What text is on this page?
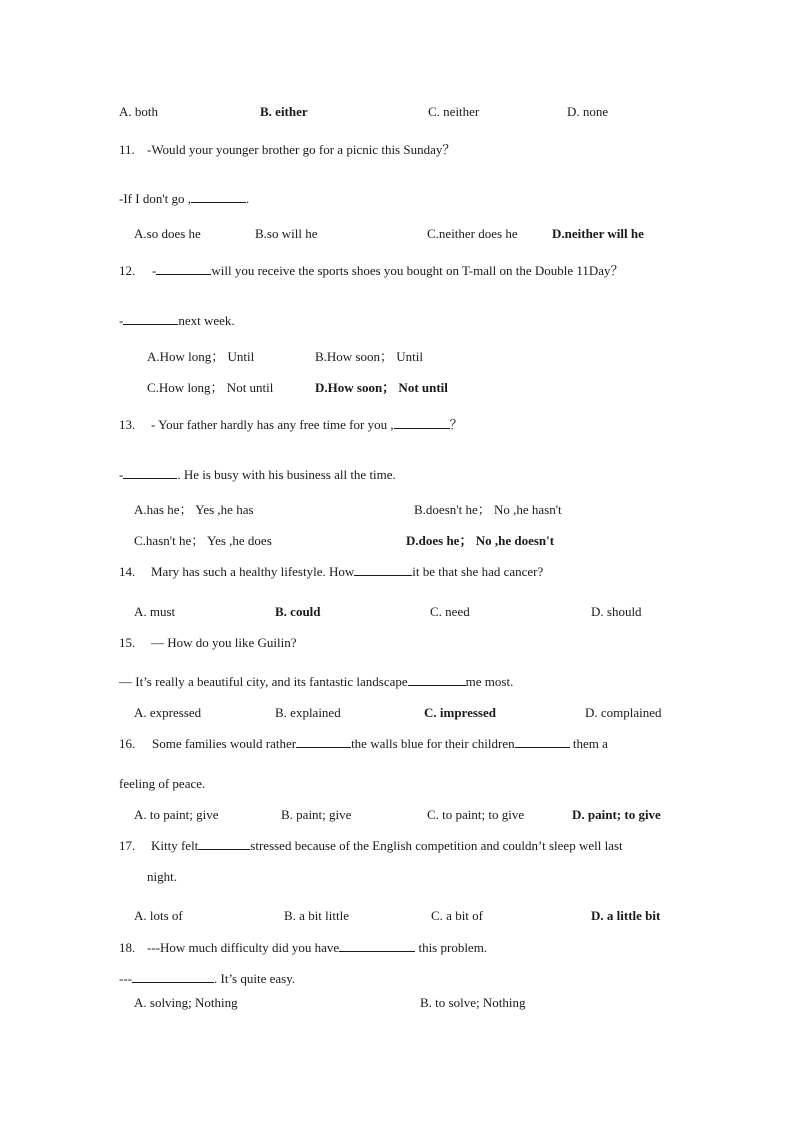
A. both	B. either	C. neither	D. none
11. -Would your younger brother go for a picnic this Sunday？
-If I don't go ,	.
A.so does he	B.so will he	C.neither does he	D.neither will he
12. -	will you receive the sports shoes you bought on T-mall on the Double 11Day？
-	next week.
A.How long； Until	B.How soon； Until
C.How long； Not until	D.How soon； Not until
13. - Your father hardly has any free time for you ,	？
-	. He is busy with his business all the time.
A.has he； Yes ,he has	B.doesn't he； No ,he hasn't
C.hasn't he； Yes ,he does	D.does he； No ,he doesn't
14. Mary has such a healthy lifestyle. How	it be that she had cancer?
A. must	B. could	C. need	D. should
15. — How do you like Guilin?
— It’s really a beautiful city, and its fantastic landscape	me most.
A. expressed	B. explained	C. impressed	D. complained
16. Some families would rather	the walls blue for their children	them a
feeling of peace.
A. to paint; give	B. paint; give	C. to paint; to give	D. paint; to give
17. Kitty felt	stressed because of the English competition and couldn’t sleep well last
night.
A. lots of	B. a bit little	C. a bit of	D. a little bit
18. ---How much difficulty did you have	this problem.
---	. It’s quite easy.
A. solving; Nothing	B. to solve; Nothing
